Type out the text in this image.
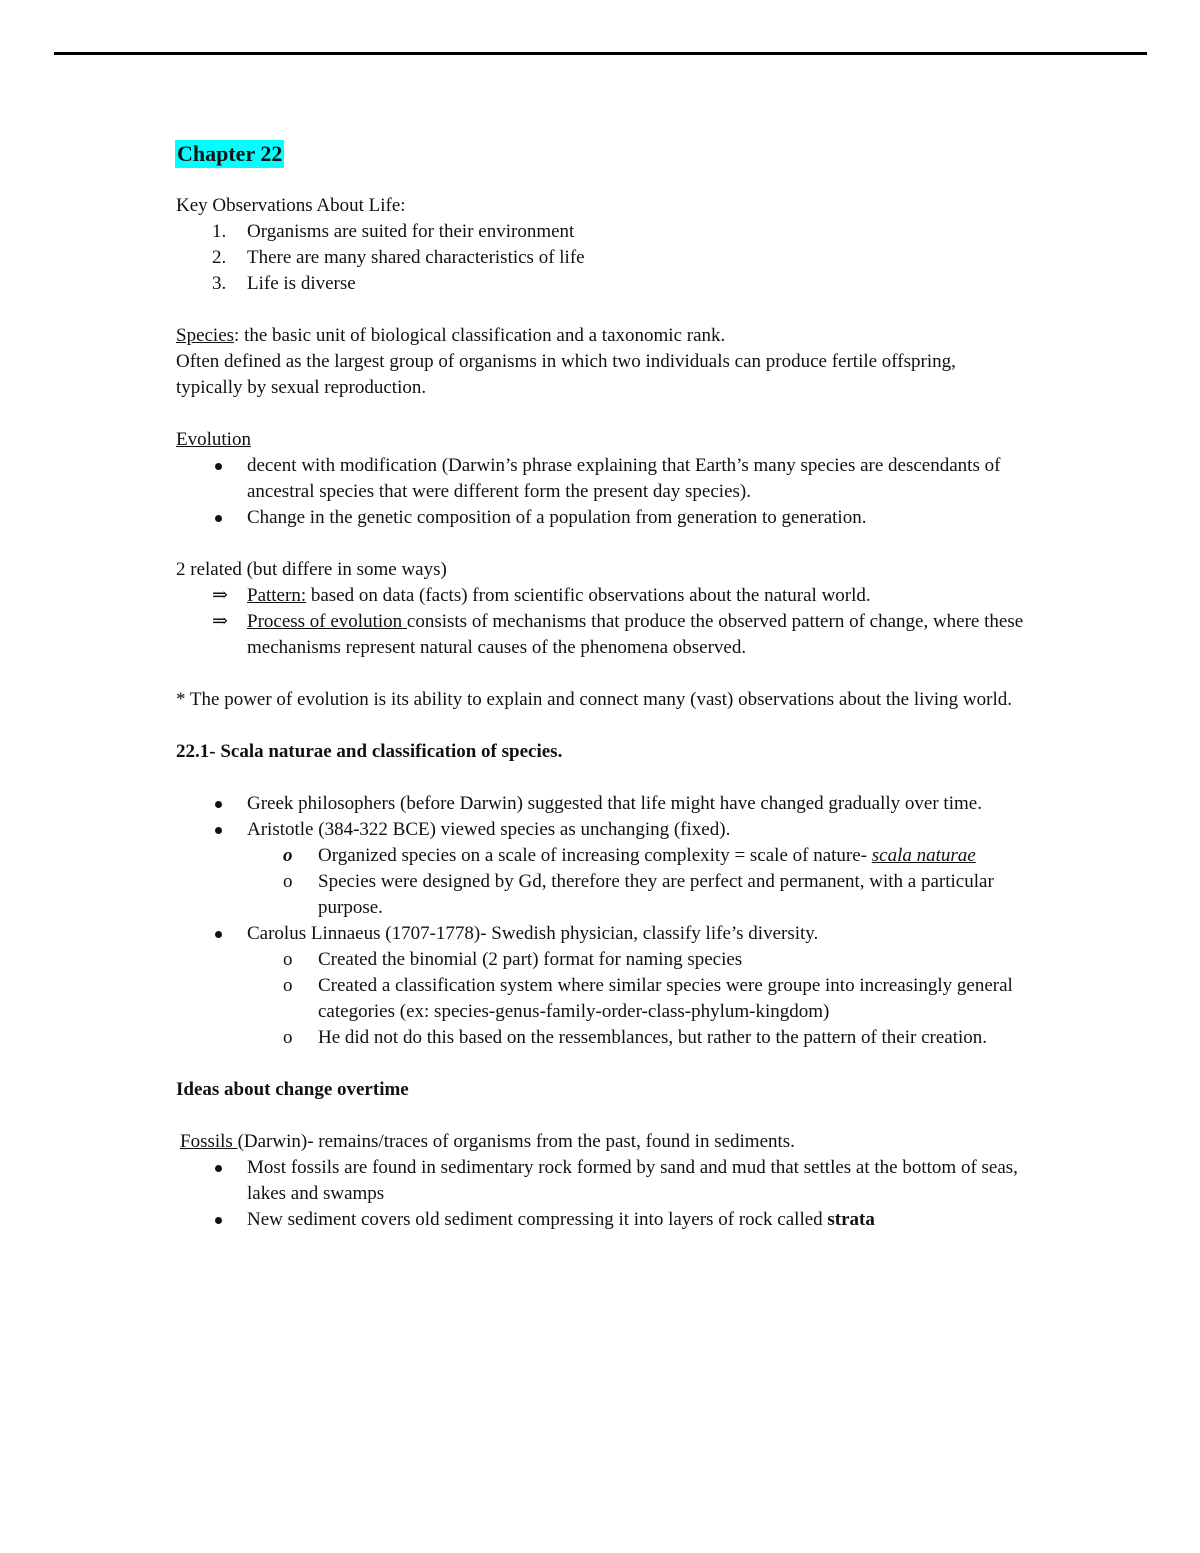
Chapter 22

Key Observations About Life:

1.	Organisms are suited for their environment
2.	There are many shared characteristics of life
3.	Life is diverse

Species: the basic unit of biological classification and a taxonomic rank.

Often defined as the largest group of organisms in which two individuals can produce fertile offspring, typically by sexual reproduction.

Evolution

decent with modification (Darwin’s phrase explaining that Earth’s many species are descendants of ancestral species that were different form the present day species).
Change in the genetic composition of a population from generation to generation.

2 related (but differe in some ways)

⇒	Pattern: based on data (facts) from scientific observations about the natural world.
⇒	Process of evolution consists of mechanisms that produce the observed pattern of change, where these mechanisms represent natural causes of the phenomena observed.

* The power of evolution is its ability to explain and connect many (vast) observations about the living world.

22.1- Scala naturae and classification of species.

Greek philosophers (before Darwin) suggested that life might have changed gradually over time.
Aristotle (384-322 BCE) viewed species as unchanging (fixed).
o	Organized species on a scale of increasing complexity = scale of nature- scala naturae
o	Species were designed by Gd, therefore they are perfect and permanent, with a particular purpose.
Carolus Linnaeus (1707-1778)- Swedish physician, classify life’s diversity.
o	Created the binomial (2 part) format for naming species
o	Created a classification system where similar species were groupe into increasingly general categories (ex: species-genus-family-order-class-phylum-kingdom)
o	He did not do this based on the ressemblances, but rather to the pattern of their creation.

Ideas about change overtime

Fossils (Darwin)- remains/traces of organisms from the past, found in sediments.

Most fossils are found in sedimentary rock formed by sand and mud that settles at the bottom of seas, lakes and swamps
New sediment covers old sediment compressing it into layers of rock called strata
